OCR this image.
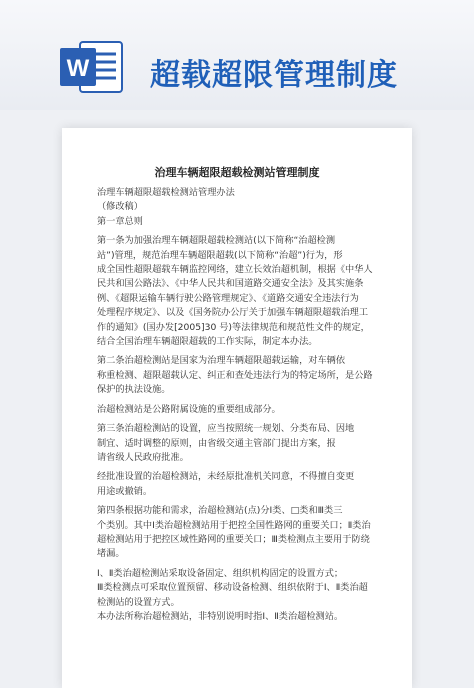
W 超载超限管理制度
治理车辆超限超载检测站管理制度
治理车辆超限超载检测站管理办法
（修改稿）
第一章总则
第一条为加强治理车辆超限超载检测站(以下简称“治超检测
站”)管理，规范治理车辆超限超载(以下简称“治超”)行为，形
成全国性超限超载车辆监控网络，建立长效治超机制，根据《中华人
民共和国公路法》、《中华人民共和国道路交通安全法》及其实施条
例、《超限运输车辆行驶公路管理规定》、《道路交通安全违法行为
处理程序规定》、以及《国务院办公厅关于加强车辆超限超载治理工
作的通知》(国办发[2005]30 号)等法律规范和规范性文件的规定，
结合全国治理车辆超限超载的工作实际，制定本办法。
第二条治超检测站是国家为治理车辆超限超载运输，对车辆依
称重检测、超限超载认定、纠正和查处违法行为的特定场所，是公路
保护的执法设施。
治超检测站是公路附属设施的重要组成部分。
第三条治超检测站的设置，应当按照统一规划、分类布局、因地
制宜、适时调整的原则，由省级交通主管部门提出方案，报
请省级人民政府批准。
经批准设置的治超检测站，未经原批准机关同意，不得擅自变更
用途或撤销。
第四条根据功能和需求，治超检测站(点)分Ⅰ类、□类和Ⅲ类三
个类别。其中Ⅰ类治超检测站用于把控全国性路网的重要关口；Ⅱ类治
超检测站用于把控区域性路网的重要关口；Ⅲ类检测点主要用于防绕
堵漏。
Ⅰ、Ⅱ类治超检测站采取设备固定、组织机构固定的设置方式；
Ⅲ类检测点可采取位置预留、移动设备检测、组织依附于Ⅰ、Ⅱ类治超
检测站的设置方式。
本办法所称治超检测站，非特别说明时指Ⅰ、Ⅱ类治超检测站。
